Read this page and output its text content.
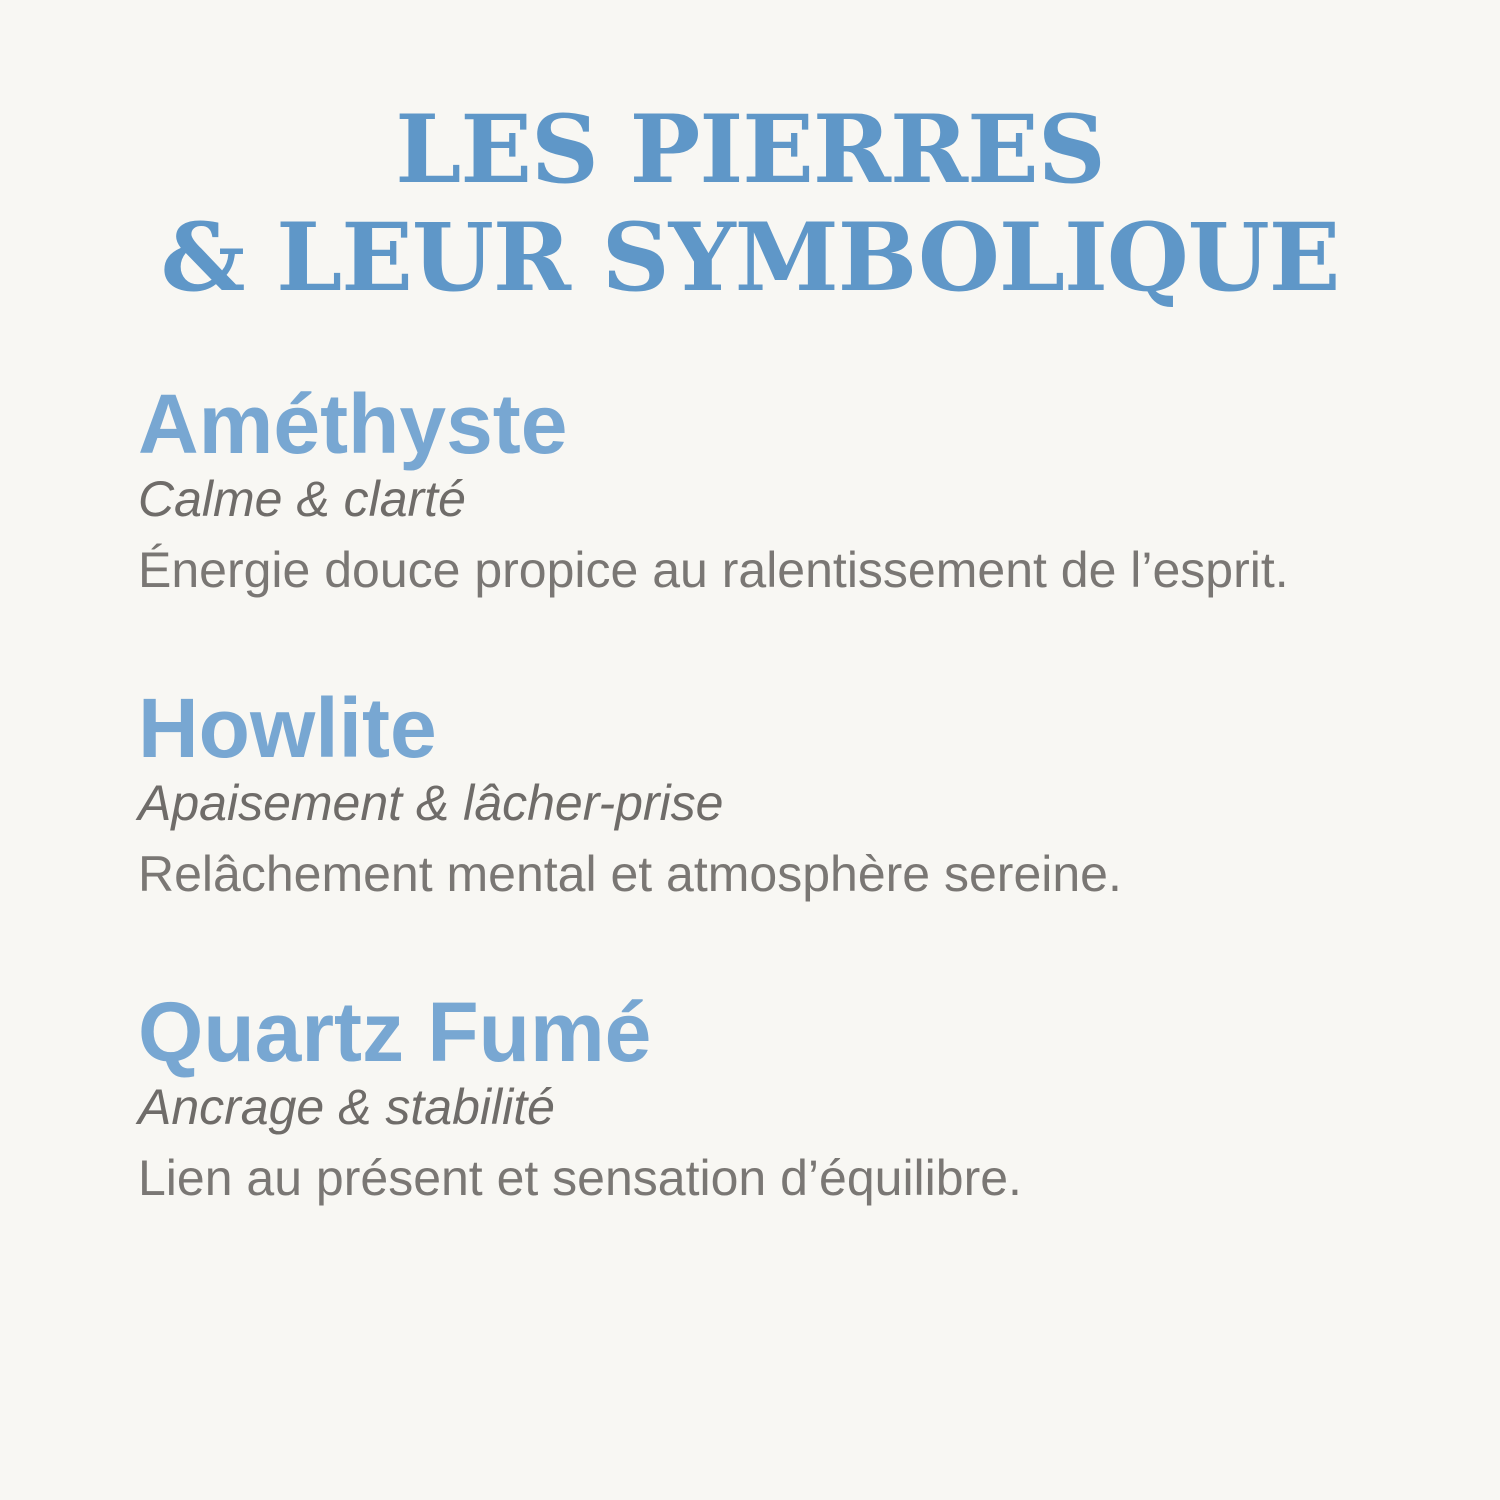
LES PIERRES
& LEUR SYMBOLIQUE
Améthyste

Calme & clarté

Énergie douce propice au ralentissement de l’esprit.

Howlite

Apaisement & lâcher-prise

Relâchement mental et atmosphère sereine.

Quartz Fumé

Ancrage & stabilité

Lien au présent et sensation d’équilibre.
